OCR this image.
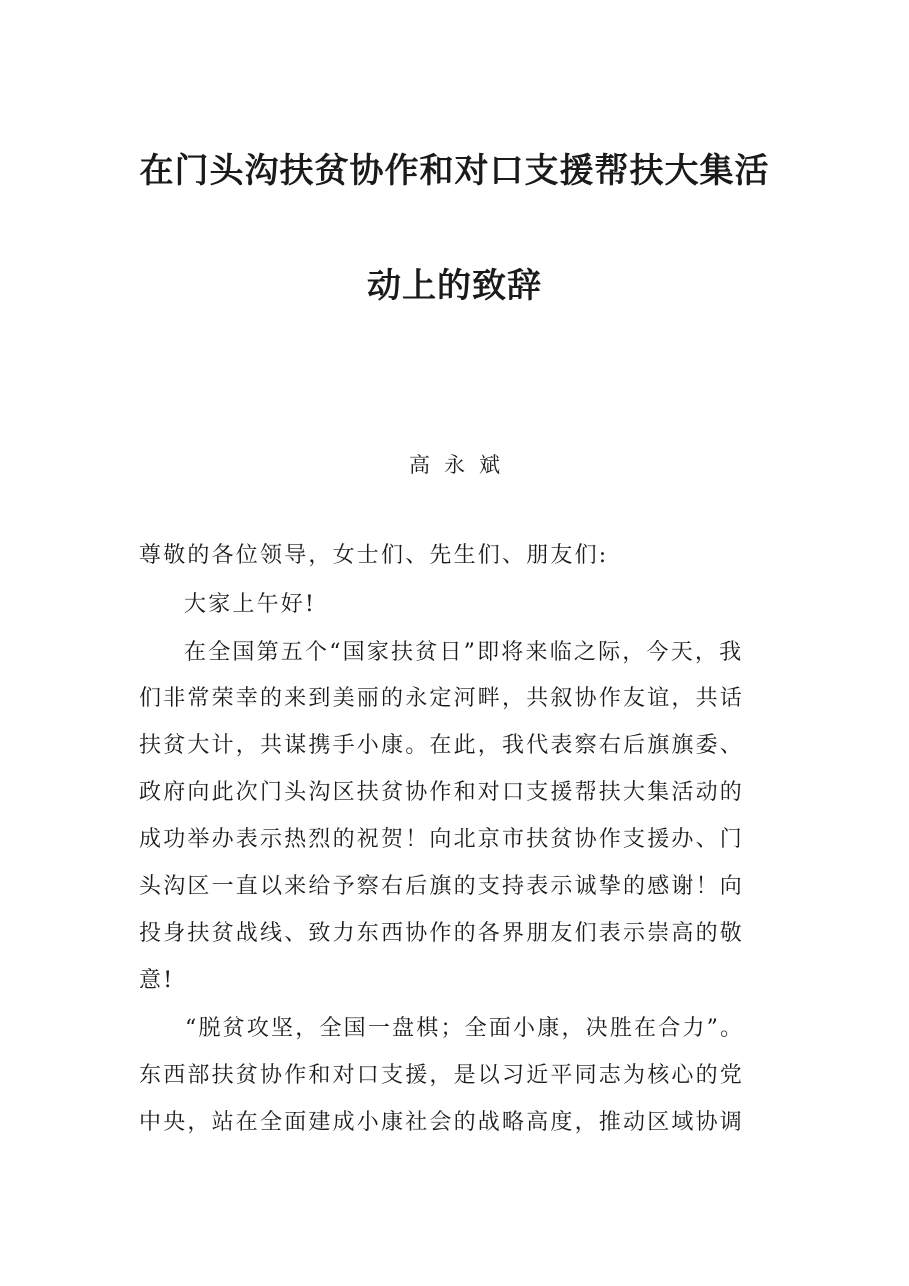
在门头沟扶贫协作和对口支援帮扶大集活
动上的致辞
高永斌
尊敬的各位领导，女士们、先生们、朋友们:
大家上午好!
在全国第五个“国家扶贫日”即将来临之际，今天，我
们非常荣幸的来到美丽的永定河畔，共叙协作友谊，共话
扶贫大计，共谋携手小康。在此，我代表察右后旗旗委、
政府向此次门头沟区扶贫协作和对口支援帮扶大集活动的
成功举办表示热烈的祝贺！向北京市扶贫协作支援办、门
头沟区一直以来给予察右后旗的支持表示诚挚的感谢！向
投身扶贫战线、致力东西协作的各界朋友们表示崇高的敬
意!
“脱贫攻坚，全国一盘棋；全面小康，决胜在合力”。
东西部扶贫协作和对口支援，是以习近平同志为核心的党
中央，站在全面建成小康社会的战略高度，推动区域协调
